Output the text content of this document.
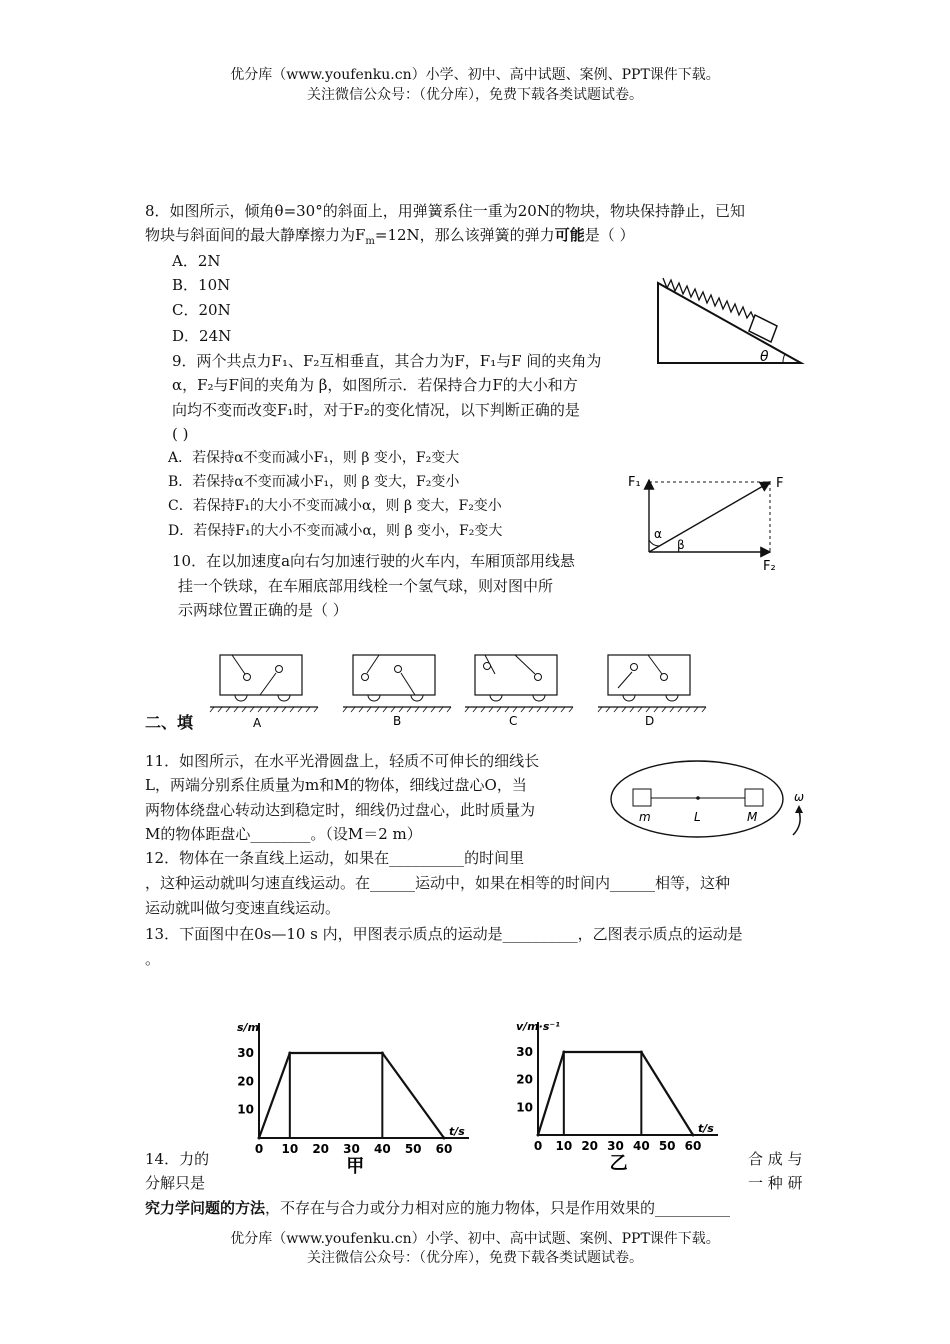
优分库（www.youfenku.cn）小学、初中、高中试题、案例、PPT课件下载。
关注微信公众号：（优分库），免费下载各类试题试卷。
8．如图所示，倾角θ=30°的斜面上，用弹簧系住一重为20N的物块，物块保持静止，已知
物块与斜面间的最大静摩擦力为$F_m=12N$，那么该弹簧的弹力可能是（ ）
A．2N
B．10N
C．20N
D．24N
θ
9．两个共点力F₁、F₂互相垂直，其合力为F，F₁与F 间的夹角为
α，F₂与F间的夹角为 β，如图所示．若保持合力F的大小和方
向均不变而改变F₁时，对于F₂的变化情况，以下判断正确的是
( )
A．若保持α不变而减小F₁，则 β 变小，F₂变大
B．若保持α不变而减小F₁，则 β 变大，F₂变小
C．若保持F₁的大小不变而减小α，则 β 变大，F₂变小
D．若保持F₁的大小不变而减小α，则 β 变小，F₂变大
F₁	F
F₂
α
β
10．在以加速度a向右匀加速行驶的火车内，车厢顶部用线悬
挂一个铁球，在车厢底部用线栓一个氢气球，则对图中所
示两球位置正确的是（ ）
A	B	C	D
二、填
11．如图所示，在水平光滑圆盘上，轻质不可伸长的细线长
L，两端分别系住质量为m和M的物体，细线过盘心O，当
两物体绕盘心转动达到稳定时，细线仍过盘心，此时质量为
M的物体距盘心________。（设M＝2 m）
m	L	M
ω
12．物体在一条直线上运动，如果在__________的时间里
，这种运动就叫匀速直线运动。在______运动中，如果在相等的时间内______相等，这种
运动就叫做匀变速直线运动。
13．下面图中在0s—10 s 内，甲图表示质点的运动是__________，乙图表示质点的运动是
。
s/m
t/s
0 10 20 30 40 50 60
10
20
30
甲
v/m·s⁻¹
t/s
0 10 20 30 40 50 60
10
20
30
乙
14．力的
分解只是
合 成 与
一 种 研
究力学问题的方法，不存在与合力或分力相对应的施力物体，只是作用效果的__________
优分库（www.youfenku.cn）小学、初中、高中试题、案例、PPT课件下载。
关注微信公众号：（优分库），免费下载各类试题试卷。
